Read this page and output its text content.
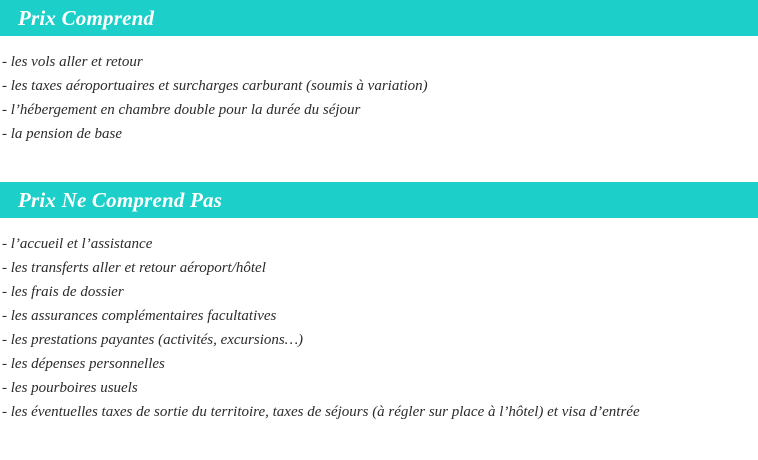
Prix Comprend
- les vols aller et retour
- les taxes aéroportuaires et surcharges carburant (soumis à variation)
- l’hébergement en chambre double pour la durée du séjour
- la pension de base
Prix Ne Comprend Pas
- l’accueil et l’assistance
- les transferts aller et retour aéroport/hôtel
- les frais de dossier
- les assurances complémentaires facultatives
- les prestations payantes (activités, excursions…)
- les dépenses personnelles
- les pourboires usuels
- les éventuelles taxes de sortie du territoire, taxes de séjours (à régler sur place à l’hôtel) et visa d’entrée
